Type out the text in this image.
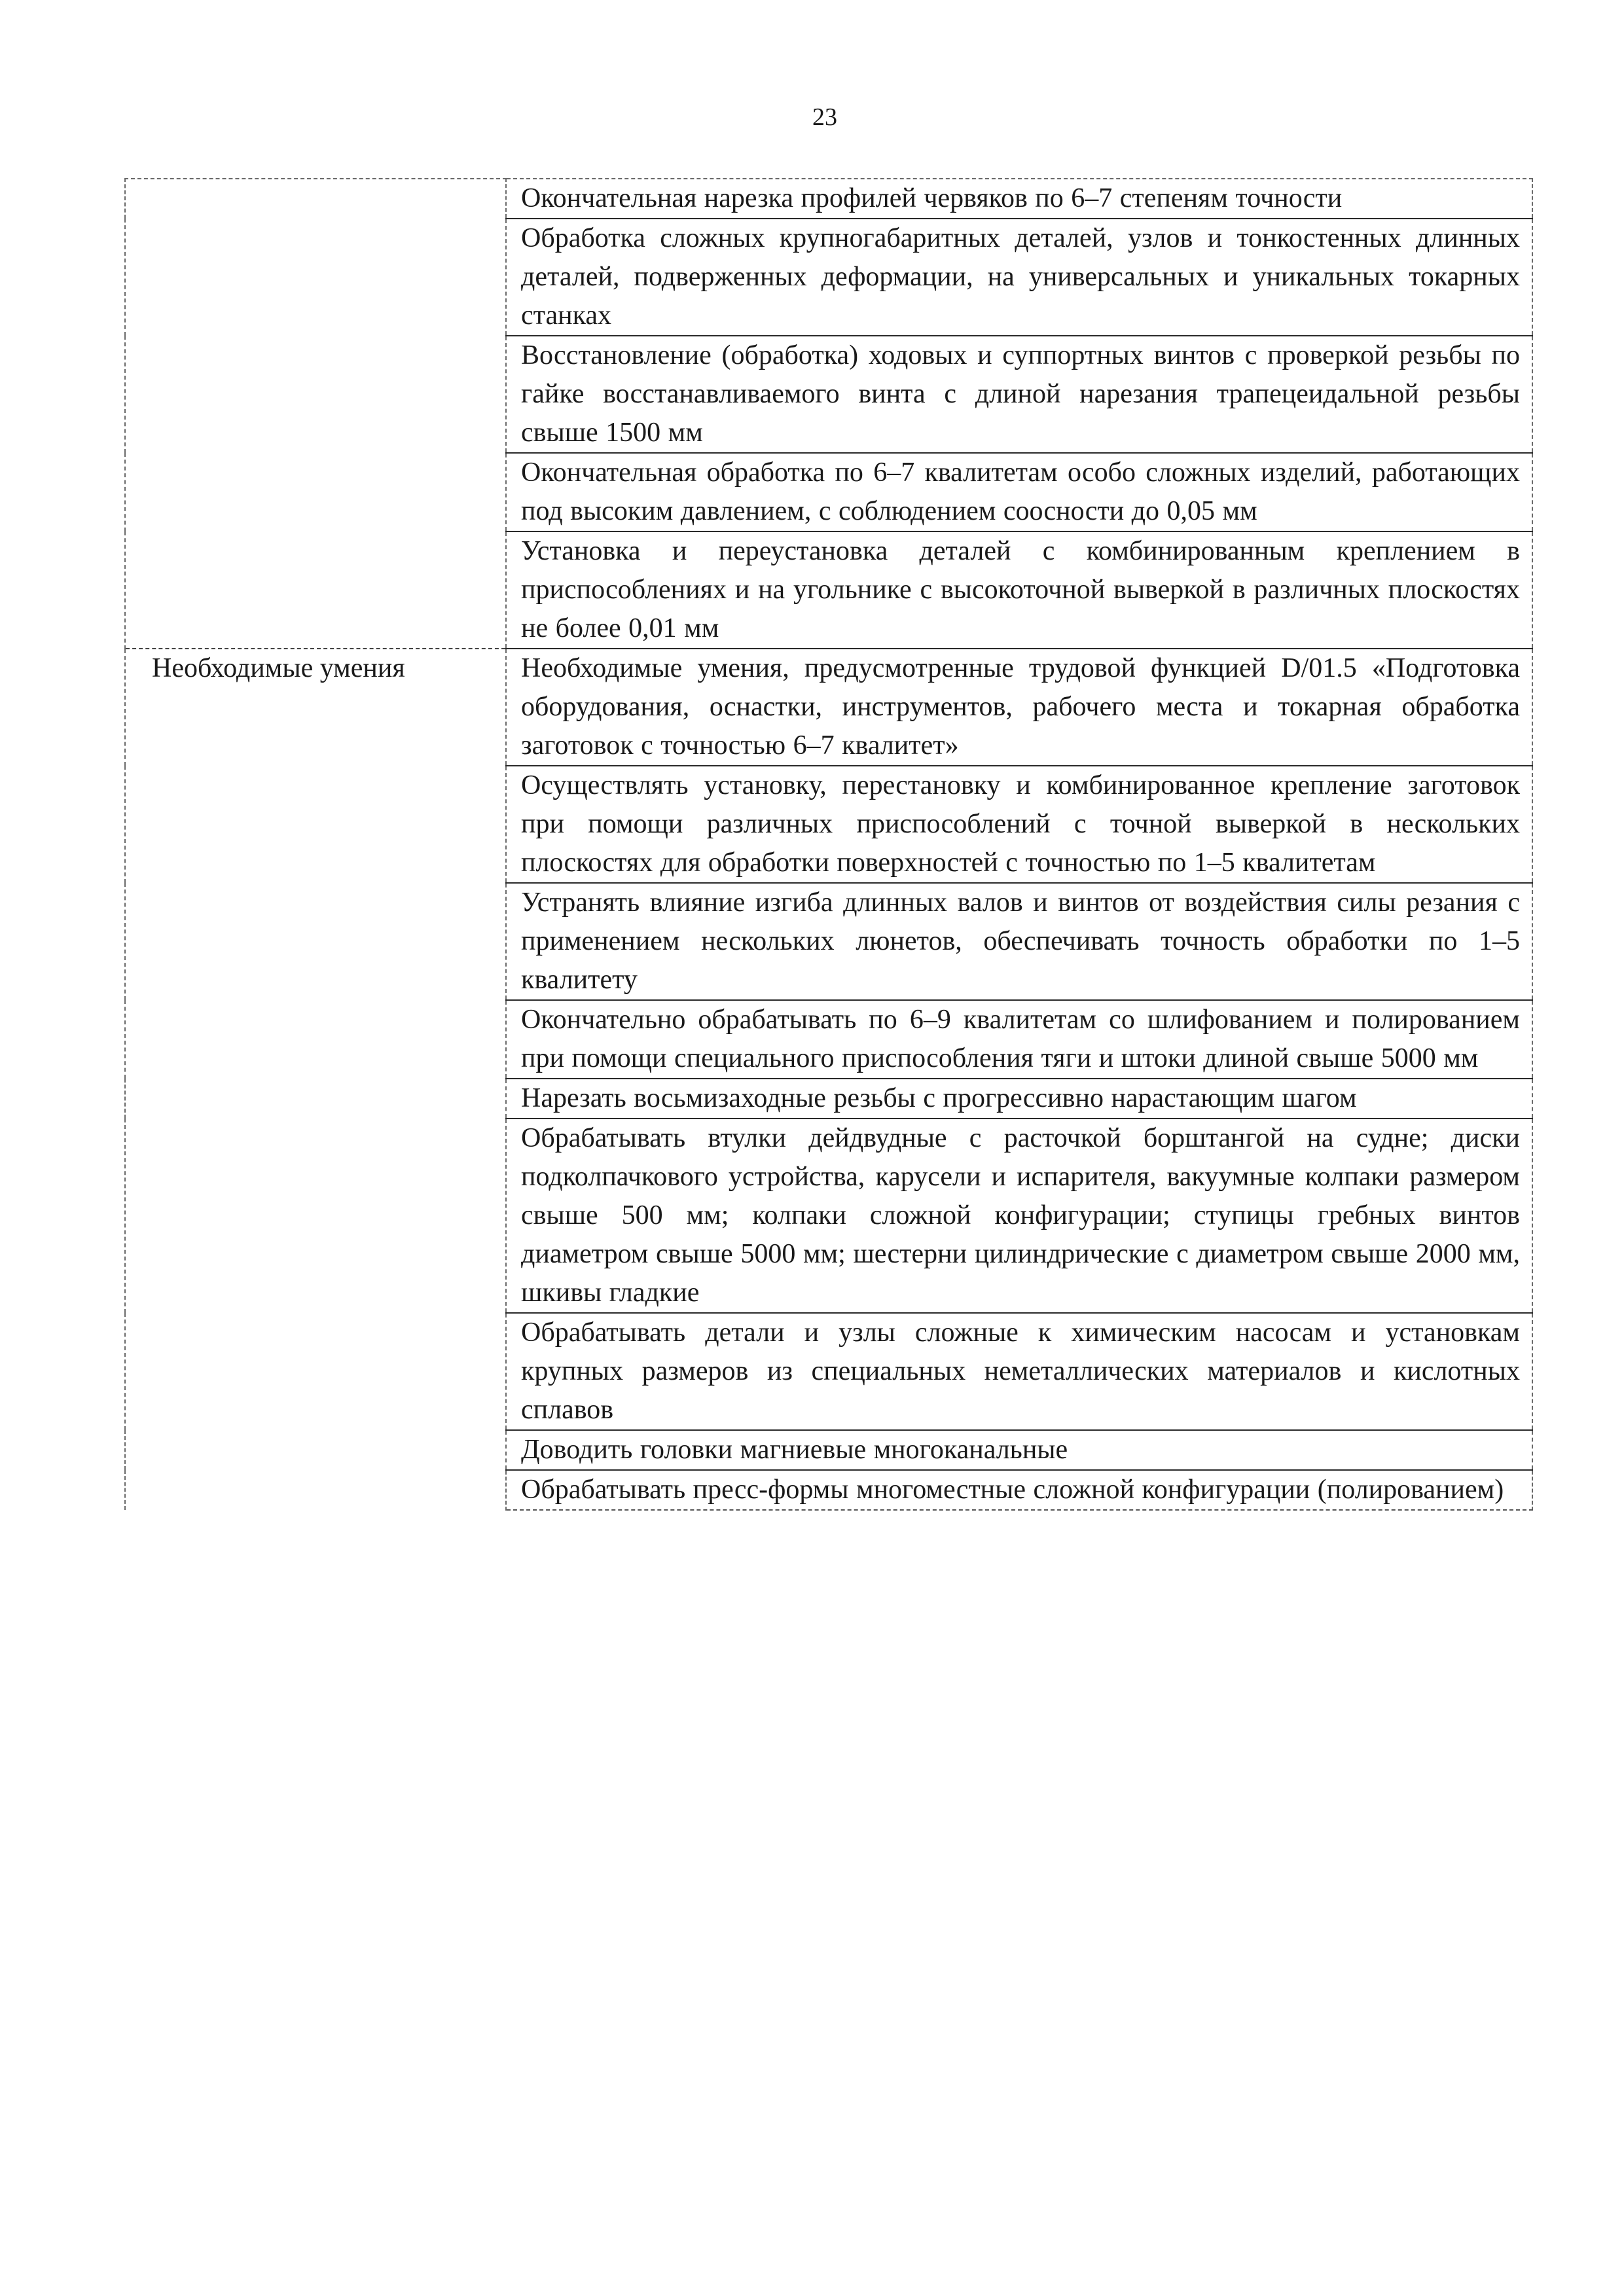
23
	Окончательная нарезка профилей червяков по 6–7 степеням точности
	Обработка сложных крупногабаритных деталей, узлов и тонкостенных длинных деталей, подверженных деформации, на универсальных и уникальных токарных станках
	Восстановление (обработка) ходовых и суппортных винтов с проверкой резьбы по гайке восстанавливаемого винта с длиной нарезания трапецеидальной резьбы свыше 1500 мм
	Окончательная обработка по 6–7 квалитетам особо сложных изделий, работающих под высоким давлением, с соблюдением соосности до 0,05 мм
	Установка и переустановка деталей с комбинированным креплением в приспособлениях и на угольнике с высокоточной выверкой в различных плоскостях не более 0,01 мм
Необходимые умения	Необходимые умения, предусмотренные трудовой функцией D/01.5 «Подготовка оборудования, оснастки, инструментов, рабочего места и токарная обработка заготовок с точностью 6–7 квалитет»
	Осуществлять установку, перестановку и комбинированное крепление заготовок при помощи различных приспособлений с точной выверкой в нескольких плоскостях для обработки поверхностей с точностью по 1–5 квалитетам
	Устранять влияние изгиба длинных валов и винтов от воздействия силы резания с применением нескольких люнетов, обеспечивать точность обработки по 1–5 квалитету
	Окончательно обрабатывать по 6–9 квалитетам со шлифованием и полированием при помощи специального приспособления тяги и штоки длиной свыше 5000 мм
	Нарезать восьмизаходные резьбы с прогрессивно нарастающим шагом
	Обрабатывать втулки дейдвудные с расточкой борштангой на судне; диски подколпачкового устройства, карусели и испарителя, вакуумные колпаки размером свыше 500 мм; колпаки сложной конфигурации; ступицы гребных винтов диаметром свыше 5000 мм; шестерни цилиндрические с диаметром свыше 2000 мм, шкивы гладкие
	Обрабатывать детали и узлы сложные к химическим насосам и установкам крупных размеров из специальных неметаллических материалов и кислотных сплавов
	Доводить головки магниевые многоканальные
	Обрабатывать пресс-формы многоместные сложной конфигурации (полированием)
